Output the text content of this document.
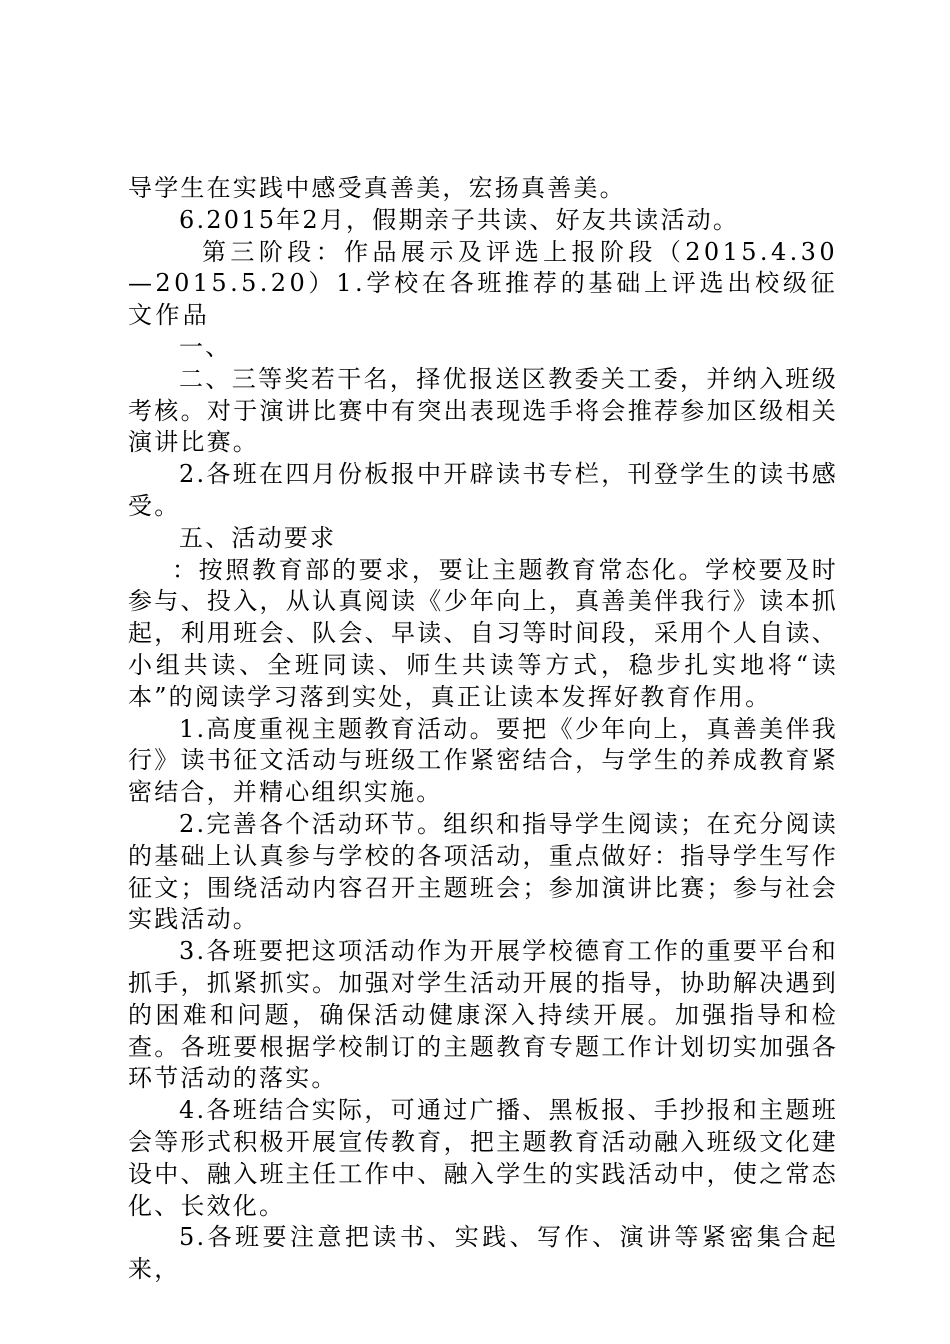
导学生在实践中感受真善美，宏扬真善美。

6.2015年2月，假期亲子共读、好友共读活动。

第三阶段：作品展示及评选上报阶段（2015.4.30—2015.5.20）1.学校在各班推荐的基础上评选出校级征文作品

一、

二、三等奖若干名，择优报送区教委关工委，并纳入班级考核。对于演讲比赛中有突出表现选手将会推荐参加区级相关演讲比赛。

2.各班在四月份板报中开辟读书专栏，刊登学生的读书感受。

五、活动要求

：按照教育部的要求，要让主题教育常态化。学校要及时参与、投入，从认真阅读《少年向上，真善美伴我行》读本抓起，利用班会、队会、早读、自习等时间段，采用个人自读、小组共读、全班同读、师生共读等方式，稳步扎实地将“读本”的阅读学习落到实处，真正让读本发挥好教育作用。

1.高度重视主题教育活动。要把《少年向上，真善美伴我行》读书征文活动与班级工作紧密结合，与学生的养成教育紧密结合，并精心组织实施。

2.完善各个活动环节。组织和指导学生阅读；在充分阅读的基础上认真参与学校的各项活动，重点做好：指导学生写作征文；围绕活动内容召开主题班会；参加演讲比赛；参与社会实践活动。

3.各班要把这项活动作为开展学校德育工作的重要平台和抓手，抓紧抓实。加强对学生活动开展的指导，协助解决遇到的困难和问题，确保活动健康深入持续开展。加强指导和检查。各班要根据学校制订的主题教育专题工作计划切实加强各环节活动的落实。

4.各班结合实际，可通过广播、黑板报、手抄报和主题班会等形式积极开展宣传教育，把主题教育活动融入班级文化建设中、融入班主任工作中、融入学生的实践活动中，使之常态化、长效化。

5.各班要注意把读书、实践、写作、演讲等紧密集合起来，
